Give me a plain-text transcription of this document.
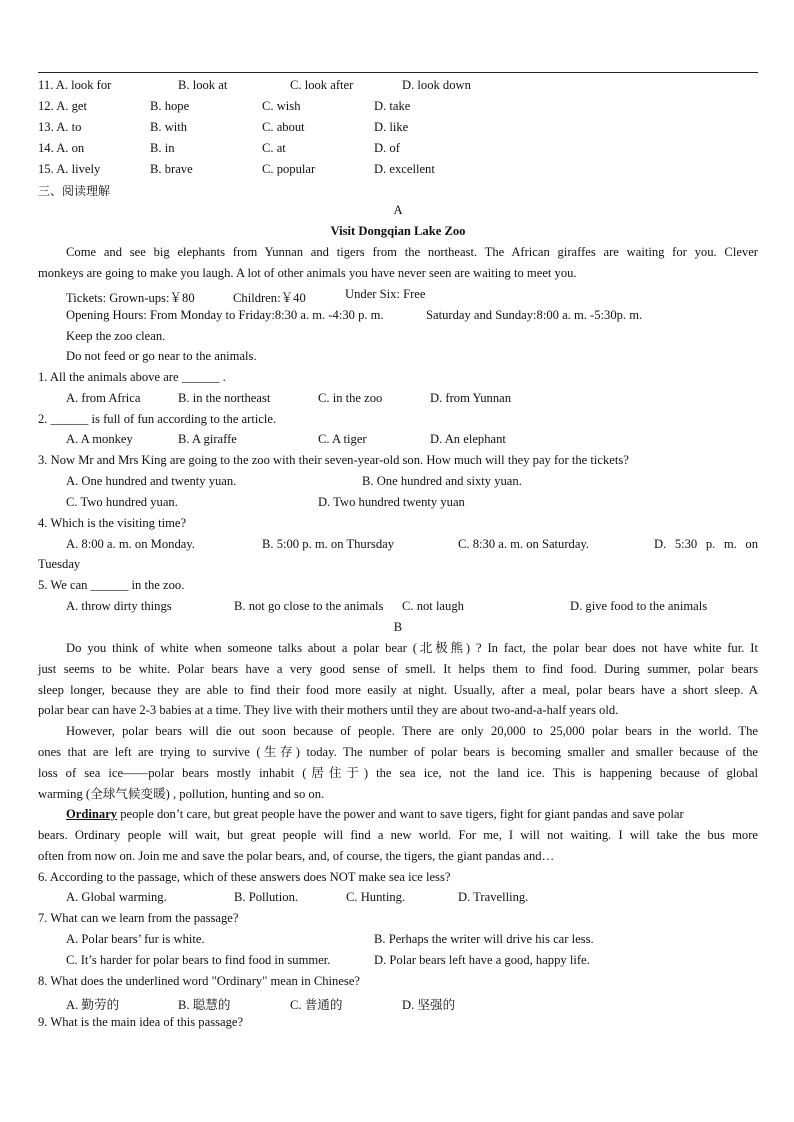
11. A. look for	B. look at	C. look after	D. look down
12. A. get	B. hope	C. wish	D. take
13. A. to	B. with	C. about	D. like
14. A. on	B. in	C. at	D. of
15. A. lively	B. brave	C. popular	D. excellent
三、阅读理解
A
Visit Dongqian Lake Zoo
Come and see big elephants from Yunnan and tigers from the northeast. The African giraffes are waiting for you. Clever
monkeys are going to make you laugh. A lot of other animals you have never seen are waiting to meet you.
Tickets: Grown-ups:￥80	Children:￥40	Under Six: Free
Opening Hours: From Monday to Friday:8:30 a. m. -4:30 p. m.	Saturday and Sunday:8:00 a. m. -5:30p. m.
Keep the zoo clean.
Do not feed or go near to the animals.
1. All the animals above are ______ .
A. from Africa	B. in the northeast	C. in the zoo	D. from Yunnan
2. ______ is full of fun according to the article.
A. A monkey	B. A giraffe	C. A tiger	D. An elephant
3. Now Mr and Mrs King are going to the zoo with their seven-year-old son. How much will they pay for the tickets?
A. One hundred and twenty yuan.	B. One hundred and sixty yuan.
C. Two hundred yuan.	D. Two hundred twenty yuan
4. Which is the visiting time?
A. 8:00 a. m. on Monday.	B. 5:00 p. m. on Thursday	C. 8:30 a. m. on Saturday.	D. 5:30 p. m. on
Tuesday
5. We can ______ in the zoo.
A. throw dirty things	B. not go close to the animals C. not laugh	D. give food to the animals
B
Do you think of white when someone talks about a polar bear (北极熊) ? In fact, the polar bear does not have white fur. It
just seems to be white. Polar bears have a very good sense of smell. It helps them to find food. During summer, polar bears
sleep longer, because they are able to find their food more easily at night. Usually, after a meal, polar bears have a short sleep. A
polar bear can have 2-3 babies at a time. They live with their mothers until they are about two-and-a-half years old.
However, polar bears will die out soon because of people. There are only 20,000 to 25,000 polar bears in the world. The
ones that are left are trying to survive (生存) today. The number of polar bears is becoming smaller and smaller because of the
loss of sea ice——polar bears mostly inhabit (居住于) the sea ice, not the land ice. This is happening because of global
warming (全球气候变暖) , pollution, hunting and so on.
Ordinary people don’t care, but great people have the power and want to save tigers, fight for giant pandas and save polar
bears. Ordinary people will wait, but great people will find a new world. For me, I will not waiting. I will take the bus more
often from now on. Join me and save the polar bears, and, of course, the tigers, the giant pandas and…
6. According to the passage, which of these answers does NOT make sea ice less?
A. Global warming.	B. Pollution.	C. Hunting.	D. Travelling.
7. What can we learn from the passage?
A. Polar bears’ fur is white.	B. Perhaps the writer will drive his car less.
C. It’s harder for polar bears to find food in summer.	D. Polar bears left have a good, happy life.
8. What does the underlined word "Ordinary" mean in Chinese?
A. 勤劳的	B. 聪慧的	C. 普通的	D. 坚强的
9. What is the main idea of this passage?
